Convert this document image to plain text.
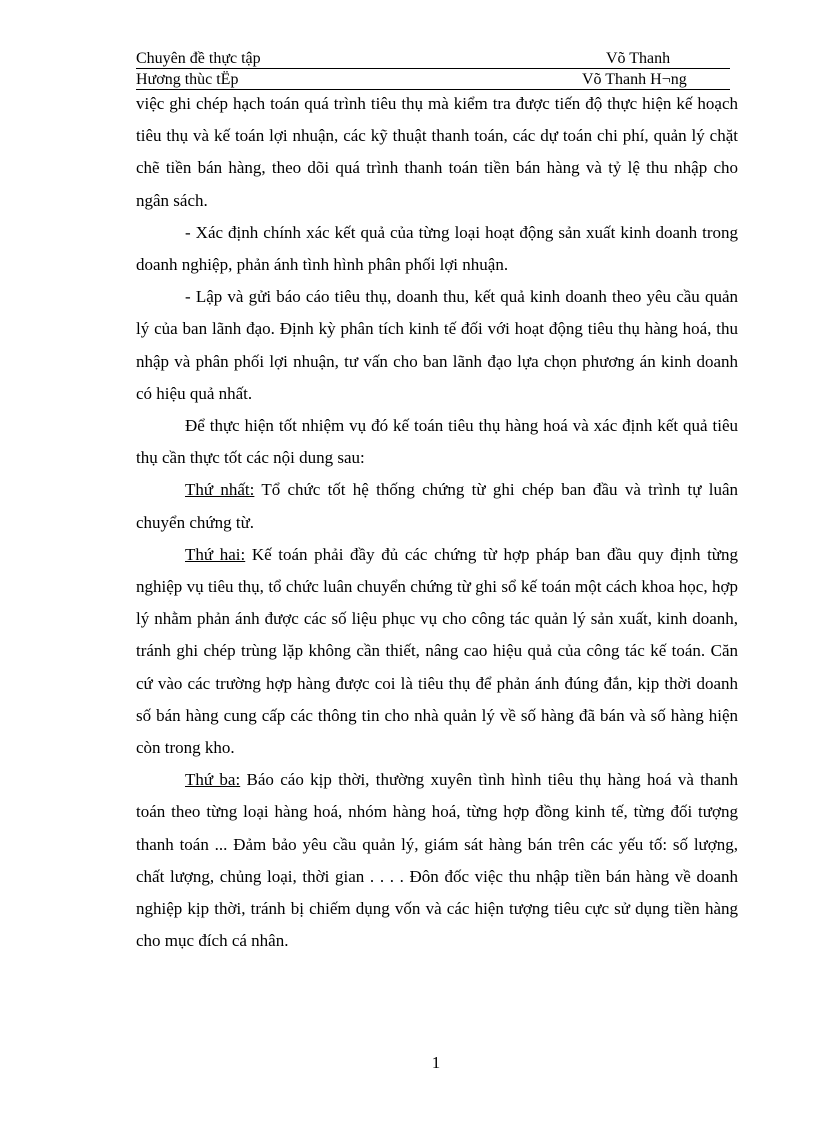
Chuyên đề thực tập	Võ Thanh
Hương thùc tËp	Võ Thanh H¬ng

việc ghi chép hạch toán quá trình tiêu thụ mà kiểm tra được tiến độ thực hiện kế hoạch tiêu thụ và kế toán lợi nhuận, các kỹ thuật thanh toán, các dự toán chi phí, quản lý chặt chẽ tiền bán hàng, theo dõi quá trình thanh toán tiền bán hàng và tỷ lệ thu nhập cho ngân sách.

- Xác định chính xác kết quả của từng loại hoạt động sản xuất kinh doanh trong doanh nghiệp, phản ánh tình hình phân phối lợi nhuận.

- Lập và gửi báo cáo tiêu thụ, doanh thu, kết quả kinh doanh theo yêu cầu quản lý của ban lãnh đạo. Định kỳ phân tích kinh tế đối với hoạt động tiêu thụ hàng hoá, thu nhập và phân phối lợi nhuận, tư vấn cho ban lãnh đạo lựa chọn phương án kinh doanh có hiệu quả nhất.

Để thực hiện tốt nhiệm vụ đó kế toán tiêu thụ hàng hoá và xác định kết quả tiêu thụ cần thực tốt các nội dung sau:

Thứ nhất: Tổ chức tốt hệ thống chứng từ ghi chép ban đầu và trình tự luân chuyển chứng từ.

Thứ hai: Kế toán phải đầy đủ các chứng từ hợp pháp ban đầu quy định từng nghiệp vụ tiêu thụ, tổ chức luân chuyển chứng từ ghi sổ kế toán một cách khoa học, hợp lý nhằm phản ánh được các số liệu phục vụ cho công tác quản lý sản xuất, kinh doanh, tránh ghi chép trùng lặp không cần thiết, nâng cao hiệu quả của công tác kế toán. Căn cứ vào các trường hợp hàng được coi là tiêu thụ để phản ánh đúng đắn, kịp thời doanh số bán hàng cung cấp các thông tin cho nhà quản lý về số hàng đã bán và số hàng hiện còn trong kho.

Thứ ba: Báo cáo kịp thời, thường xuyên tình hình tiêu thụ hàng hoá và thanh toán theo từng loại hàng hoá, nhóm hàng hoá, từng hợp đồng kinh tế, từng đối tượng thanh toán ... Đảm bảo yêu cầu quản lý, giám sát hàng bán trên các yếu tố: số lượng, chất lượng, chủng loại, thời gian . . . . Đôn đốc việc thu nhập tiền bán hàng về doanh nghiệp kịp thời, tránh bị chiếm dụng vốn và các hiện tượng tiêu cực sử dụng tiền hàng cho mục đích cá nhân.

1
